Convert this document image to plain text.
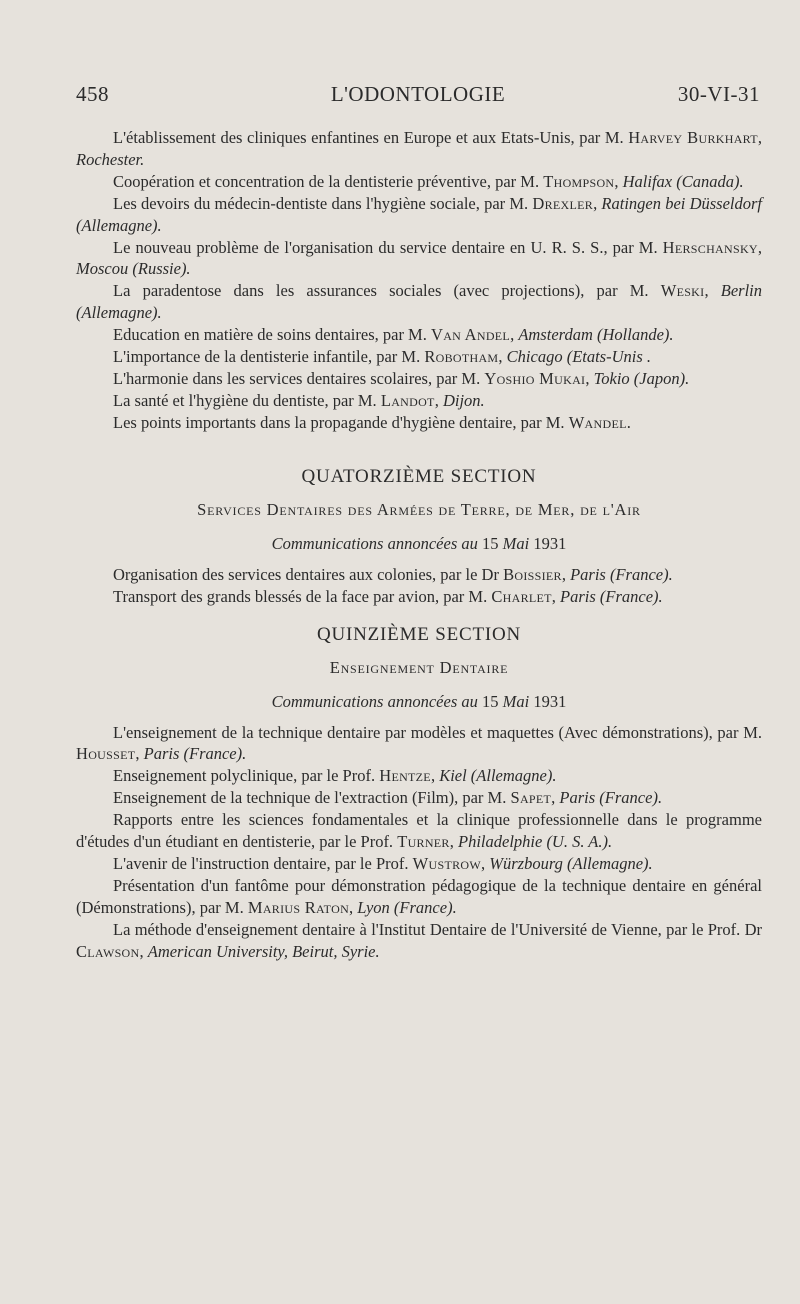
458	L'ODONTOLOGIE	30-VI-31

L'établissement des cliniques enfantines en Europe et aux Etats-Unis, par M. Harvey Burkhart, Rochester.

Coopération et concentration de la dentisterie préventive, par M. Thompson, Halifax (Canada).

Les devoirs du médecin-dentiste dans l'hygiène sociale, par M. Drexler, Ratingen bei Düsseldorf (Allemagne).

Le nouveau problème de l'organisation du service dentaire en U. R. S. S., par M. Herschansky, Moscou (Russie).

La paradentose dans les assurances sociales (avec projections), par M. Weski, Berlin (Allemagne).

Education en matière de soins dentaires, par M. Van Andel, Amsterdam (Hollande).

L'importance de la dentisterie infantile, par M. Robotham, Chicago (Etats-Unis .

L'harmonie dans les services dentaires scolaires, par M. Yoshio Mukai, Tokio (Japon).

La santé et l'hygiène du dentiste, par M. Landot, Dijon.

Les points importants dans la propagande d'hygiène dentaire, par M. Wandel.

QUATORZIÈME SECTION

Services Dentaires des Armées de Terre, de Mer, de l'Air

Communications annoncées au 15 Mai 1931

Organisation des services dentaires aux colonies, par le Dr Boissier, Paris (France).

Transport des grands blessés de la face par avion, par M. Charlet, Paris (France).

QUINZIÈME SECTION

Enseignement Dentaire

Communications annoncées au 15 Mai 1931

L'enseignement de la technique dentaire par modèles et maquettes (Avec démonstrations), par M. Housset, Paris (France).

Enseignement polyclinique, par le Prof. Hentze, Kiel (Allemagne).

Enseignement de la technique de l'extraction (Film), par M. Sapet, Paris (France).

Rapports entre les sciences fondamentales et la clinique professionnelle dans le programme d'études d'un étudiant en dentisterie, par le Prof. Turner, Philadelphie (U. S. A.).

L'avenir de l'instruction dentaire, par le Prof. Wustrow, Würzbourg (Allemagne).

Présentation d'un fantôme pour démonstration pédagogique de la technique dentaire en général (Démonstrations), par M. Marius Raton, Lyon (France).

La méthode d'enseignement dentaire à l'Institut Dentaire de l'Université de Vienne, par le Prof. Dr Clawson, American University, Beirut, Syrie.
